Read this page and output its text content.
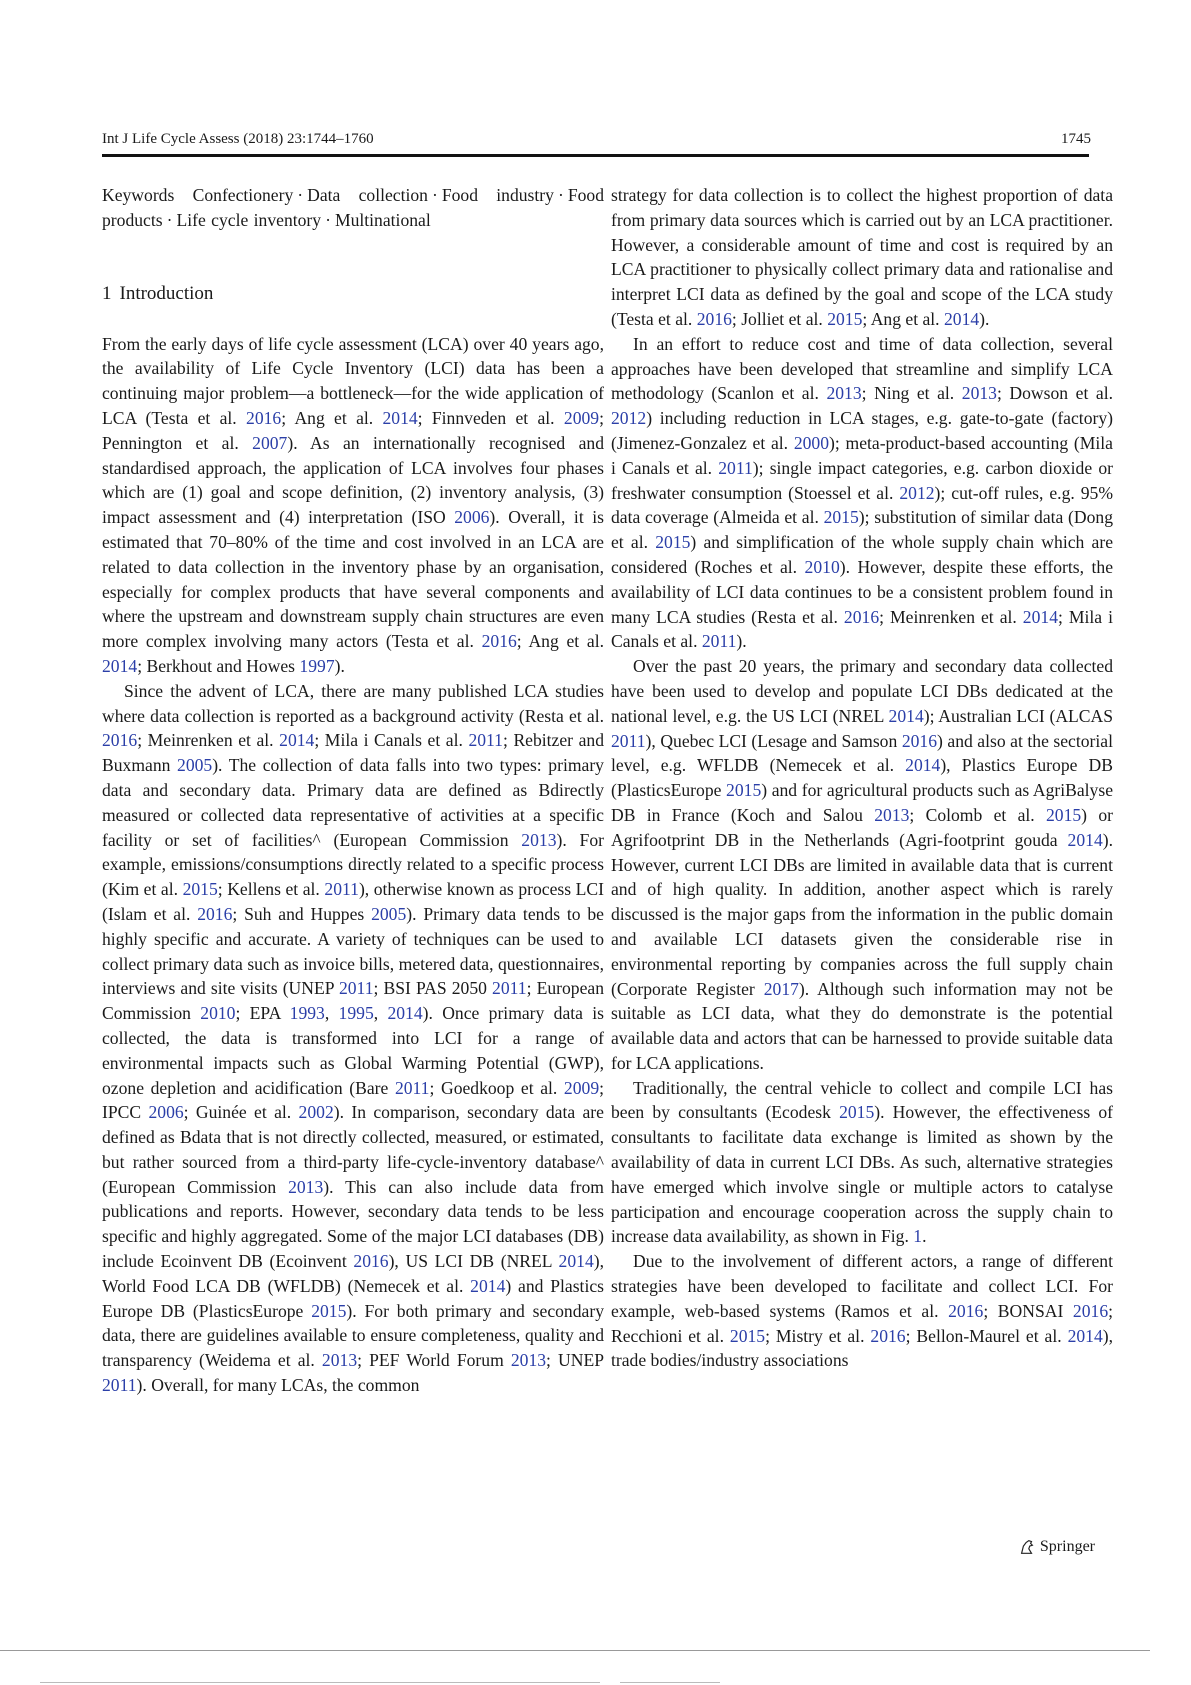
Int J Life Cycle Assess (2018) 23:1744–1760	1745

Keywords Confectionery · Data collection · Food industry · Food products · Life cycle inventory · Multinational

1 Introduction

From the early days of life cycle assessment (LCA) over 40 years ago, the availability of Life Cycle Inventory (LCI) data has been a continuing major problem—a bottleneck—for the wide application of LCA (Testa et al. 2016; Ang et al. 2014; Finnveden et al. 2009; Pennington et al. 2007). As an internationally recognised and standardised approach, the application of LCA involves four phases which are (1) goal and scope definition, (2) inventory analysis, (3) impact assessment and (4) interpretation (ISO 2006). Overall, it is estimated that 70–80% of the time and cost involved in an LCA are related to data collection in the inventory phase by an organisation, especially for complex products that have several components and where the upstream and downstream supply chain structures are even more complex involving many actors (Testa et al. 2016; Ang et al. 2014; Berkhout and Howes 1997).

Since the advent of LCA, there are many published LCA studies where data collection is reported as a background activity (Resta et al. 2016; Meinrenken et al. 2014; Mila i Canals et al. 2011; Rebitzer and Buxmann 2005). The collection of data falls into two types: primary data and secondary data. Primary data are defined as Bdirectly measured or collected data representative of activities at a specific facility or set of facilities^ (European Commission 2013). For example, emissions/consumptions directly related to a specific process (Kim et al. 2015; Kellens et al. 2011), otherwise known as process LCI (Islam et al. 2016; Suh and Huppes 2005). Primary data tends to be highly specific and accurate. A variety of techniques can be used to collect primary data such as invoice bills, metered data, questionnaires, interviews and site visits (UNEP 2011; BSI PAS 2050 2011; European Commission 2010; EPA 1993, 1995, 2014). Once primary data is collected, the data is transformed into LCI for a range of environmental impacts such as Global Warming Potential (GWP), ozone depletion and acidification (Bare 2011; Goedkoop et al. 2009; IPCC 2006; Guinée et al. 2002). In comparison, secondary data are defined as Bdata that is not directly collected, measured, or estimated, but rather sourced from a third-party life-cycle-inventory database^ (European Commission 2013). This can also include data from publications and reports. However, secondary data tends to be less specific and highly aggregated. Some of the major LCI databases (DB) include Ecoinvent DB (Ecoinvent 2016), US LCI DB (NREL 2014), World Food LCA DB (WFLDB) (Nemecek et al. 2014) and Plastics Europe DB (PlasticsEurope 2015). For both primary and secondary data, there are guidelines available to ensure completeness, quality and transparency (Weidema et al. 2013; PEF World Forum 2013; UNEP 2011). Overall, for many LCAs, the common

strategy for data collection is to collect the highest proportion of data from primary data sources which is carried out by an LCA practitioner. However, a considerable amount of time and cost is required by an LCA practitioner to physically collect primary data and rationalise and interpret LCI data as defined by the goal and scope of the LCA study (Testa et al. 2016; Jolliet et al. 2015; Ang et al. 2014).

In an effort to reduce cost and time of data collection, several approaches have been developed that streamline and simplify LCA methodology (Scanlon et al. 2013; Ning et al. 2013; Dowson et al. 2012) including reduction in LCA stages, e.g. gate-to-gate (factory) (Jimenez-Gonzalez et al. 2000); meta-product-based accounting (Mila i Canals et al. 2011); single impact categories, e.g. carbon dioxide or freshwater consumption (Stoessel et al. 2012); cut-off rules, e.g. 95% data coverage (Almeida et al. 2015); substitution of similar data (Dong et al. 2015) and simplification of the whole supply chain which are considered (Roches et al. 2010). However, despite these efforts, the availability of LCI data continues to be a consistent problem found in many LCA studies (Resta et al. 2016; Meinrenken et al. 2014; Mila i Canals et al. 2011).

Over the past 20 years, the primary and secondary data collected have been used to develop and populate LCI DBs dedicated at the national level, e.g. the US LCI (NREL 2014); Australian LCI (ALCAS 2011), Quebec LCI (Lesage and Samson 2016) and also at the sectorial level, e.g. WFLDB (Nemecek et al. 2014), Plastics Europe DB (PlasticsEurope 2015) and for agricultural products such as AgriBalyse DB in France (Koch and Salou 2013; Colomb et al. 2015) or Agrifootprint DB in the Netherlands (Agri-footprint gouda 2014). However, current LCI DBs are limited in available data that is current and of high quality. In addition, another aspect which is rarely discussed is the major gaps from the information in the public domain and available LCI datasets given the considerable rise in environmental reporting by companies across the full supply chain (Corporate Register 2017). Although such information may not be suitable as LCI data, what they do demonstrate is the potential available data and actors that can be harnessed to provide suitable data for LCA applications.

Traditionally, the central vehicle to collect and compile LCI has been by consultants (Ecodesk 2015). However, the effectiveness of consultants to facilitate data exchange is limited as shown by the availability of data in current LCI DBs. As such, alternative strategies have emerged which involve single or multiple actors to catalyse participation and encourage cooperation across the supply chain to increase data availability, as shown in Fig. 1.

Due to the involvement of different actors, a range of different strategies have been developed to facilitate and collect LCI. For example, web-based systems (Ramos et al. 2016; BONSAI 2016; Recchioni et al. 2015; Mistry et al. 2016; Bellon-Maurel et al. 2014), trade bodies/industry associations

Springer
